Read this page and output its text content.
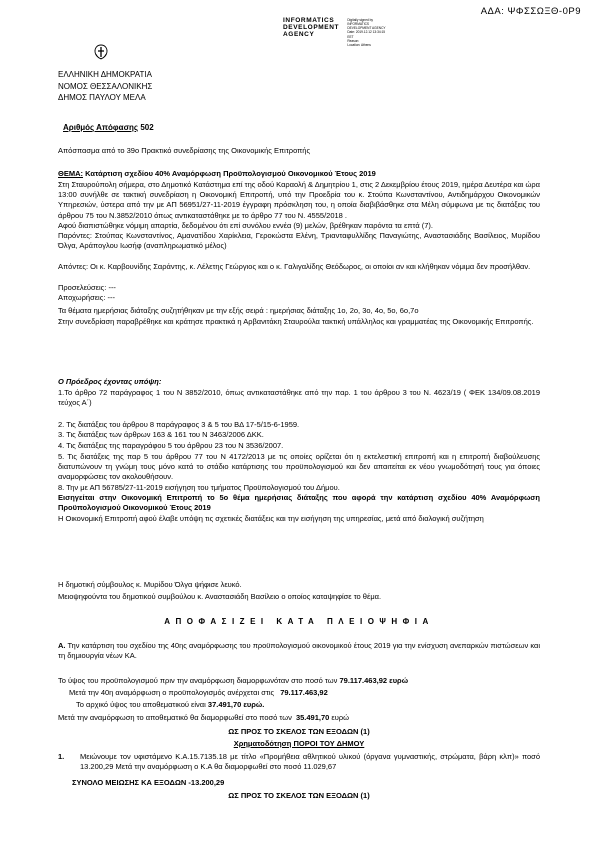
ΑΔΑ: ΨΦΣΣΩΞΘ-0Ρ9
INFORMATICS
DEVELOPMENT
AGENCY

Digitally signed by
INFORMATICS
DEVELOPMENT AGENCY
Date: 2019.12.12 13:34:15
EET
Reason:
Location: Athens
ΕΛΛΗΝΙΚΗ ΔΗΜΟΚΡΑΤΙΑ
ΝΟΜΟΣ ΘΕΣΣΑΛΟΝΙΚΗΣ
ΔΗΜΟΣ ΠΑΥΛΟΥ ΜΕΛΑ
Αριθμός Απόφασης 502
Απόσπασμα από το 39ο Πρακτικό συνεδρίασης της Οικονομικής Επιτροπής
ΘΕΜΑ: Κατάρτιση σχεδίου 40% Αναμόρφωση Προϋπολογισμού Οικονομικού Έτους 2019
Στη Σταυρούπολη σήμερα, στο Δημοτικό Κατάστημα επί της οδού Καραολή & Δημητρίου 1, στις 2 Δεκεμβρίου έτους 2019, ημέρα Δευτέρα και ώρα 13:00 συνήλθε σε τακτική συνεδρίαση η Οικονομική Επιτροπή, υπό την Προεδρία του κ. Στούπα Κωνσταντίνου, Αντιδημάρχου Οικονομικών Υπηρεσιών, ύστερα από την με ΑΠ 56951/27-11-2019 έγγραφη πρόσκληση του, η οποία διαβιβάσθηκε στα Μέλη σύμφωνα με τις διατάξεις του άρθρου 75 του Ν.3852/2010 όπως αντικαταστάθηκε με το άρθρο 77 του Ν. 4555/2018 .
Αφού διαπιστώθηκε νόμιμη απαρτία, δεδομένου ότι επί συνόλου εννέα (9) μελών, βρέθηκαν παρόντα τα επτά (7).
Παρόντες: Στούπας Κωνσταντίνος, Αμανατίδου Χαρίκλεια, Γεροκώστα Ελένη, Τριανταφυλλίδης Παναγιώτης, Αναστασιάδης Βασίλειος, Μυρίδου Όλγα, Αράπογλου Ιωσήφ (αναπληρωματικό μέλος)
Απόντες: Οι κ. Καρβουνίδης Σαράντης, κ. Λέλετης Γεώργιος και ο κ. Γαλιγαλίδης Θεόδωρος, οι οποίοι αν και κλήθηκαν νόμιμα δεν προσήλθαν.
Προσελεύσεις: ---
Αποχωρήσεις: ---
Τα θέματα ημερήσιας διάταξης συζητήθηκαν με την εξής σειρά : ημερήσιας διάταξης 1ο, 2ο, 3ο, 4ο, 5ο, 6ο,7ο
Στην συνεδρίαση παραβρέθηκε και κράτησε πρακτικά η Αρβανιτάκη Σταυρούλα τακτική υπάλληλος και γραμματέας της Οικονομικής Επιτροπής.
Ο Πρόεδρος έχοντας υπόψη:
1.Το άρθρο 72 παράγραφος 1 του Ν 3852/2010, όπως αντικαταστάθηκε από την παρ. 1 του άρθρου 3 του Ν. 4623/19 ( ΦΕΚ 134/09.08.2019 τεύχος Α΄)
2. Τις διατάξεις του άρθρου 8 παράγραφος 3 & 5 του ΒΔ 17-5/15-6-1959.
3. Τις διατάξεις των άρθρων 163 & 161 του Ν 3463/2006 ΔΚΚ.
4. Τις διατάξεις της παραγράφου 5 του άρθρου 23 του Ν 3536/2007.
5. Τις διατάξεις της παρ 5 του άρθρου 77 του Ν 4172/2013 με τις οποίες ορίζεται ότι η εκτελεστική επιτροπή και η επιτροπή διαβούλευσης διατυπώνουν τη γνώμη τους μόνο κατά το στάδιο κατάρτισης του προϋπολογισμού και δεν απαιτείται εκ νέου γνωμοδότησή τους για όποιες αναμορφώσεις τον ακολουθήσουν.
8. Την με ΑΠ 56785/27-11-2019 εισήγηση του τμήματος Προϋπολογισμού του Δήμου.
Εισηγείται στην Οικονομική Επιτροπή το 5ο θέμα ημερήσιας διάταξης που αφορά την κατάρτιση σχεδίου 40% Αναμόρφωση Προϋπολογισμού Οικονομικού Έτους 2019
Η Οικονομική Επιτροπή αφού έλαβε υπόψη τις σχετικές διατάξεις και την εισήγηση της υπηρεσίας, μετά από διαλογική συζήτηση
Η δημοτική σύμβουλος κ. Μυρίδου Όλγα ψήφισε λευκό.
Μειοψηφούντα του δημοτικού συμβούλου κ. Αναστασιάδη Βασίλειο ο οποίος καταψηφίσε το θέμα.
ΑΠΟΦΑΣΙΖΕΙ ΚΑΤΑ ΠΛΕΙΟΨΗΦΙΑ
Α. Την κατάρτιση του σχεδίου της 40ης αναμόρφωσης του προϋπολογισμού οικονομικού έτους 2019 για την ενίσχυση ανεπαρκών πιστώσεων και τη δημιουργία νέων ΚΑ.
Το ύψος του προϋπολογισμού πριν την αναμόρφωση διαμορφωνόταν στο ποσό των 79.117.463,92 ευρώ
Μετά την 40η αναμόρφωση ο προϋπολογισμός ανέρχεται στις 79.117.463,92
Το αρχικό ύψος του αποθεματικού είναι 37.491,70 ευρώ.
Μετά την αναμόρφωση το αποθεματικό θα διαμορφωθεί στο ποσό των 35.491,70 ευρώ
ΩΣ ΠΡΟΣ ΤΟ ΣΚΕΛΟΣ ΤΩΝ ΕΞΟΔΩΝ (1)
Χρηματοδότηση ΠΟΡΟΙ ΤΟΥ ΔΗΜΟΥ
1. Μειώνουμε τον υφιστάμενο Κ.Α.15.7135.18 με τίτλο «Προμήθεια αθλητικού υλικού (όργανα γυμναστικής, στρώματα, βάρη κλπ)» ποσό 13.200,29 Μετά την αναμόρφωση ο Κ.Α θα διαμορφωθεί στο ποσό 11.029,67
ΣΥΝΟΛΟ ΜΕΙΩΣΗΣ ΚΑ ΕΞΟΔΩΝ -13.200,29
ΩΣ ΠΡΟΣ ΤΟ ΣΚΕΛΟΣ ΤΩΝ ΕΞΟΔΩΝ (1)
